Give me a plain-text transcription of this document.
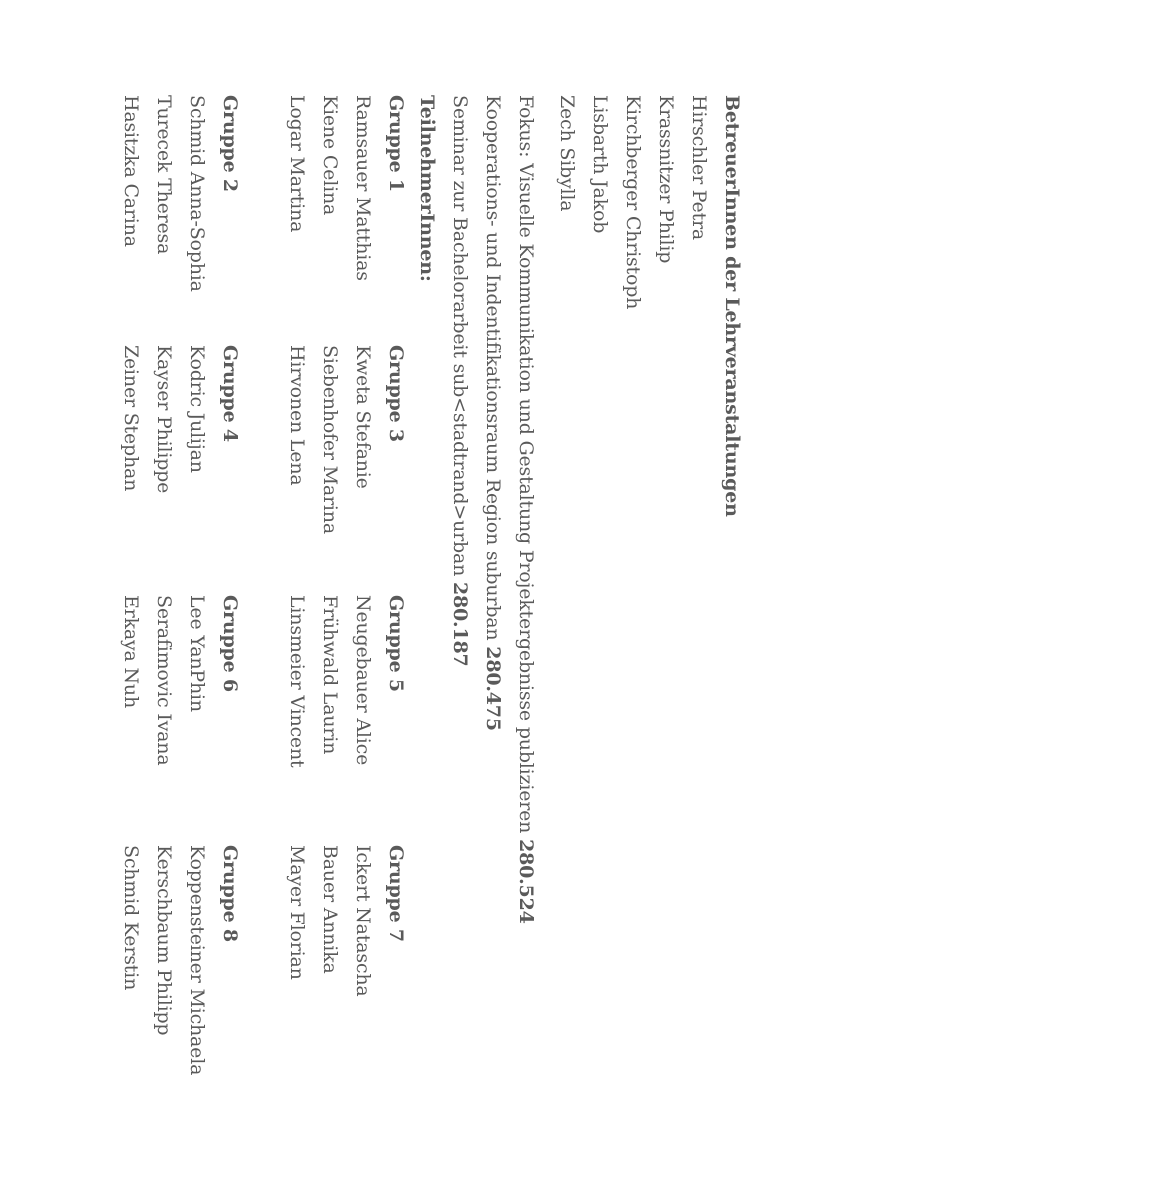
BetreuerInnen der Lehrveranstaltungen
Hirschler Petra
Krassnitzer Philip
Kirchberger Christoph
Lisbarth Jakob
Zech Sibylla
Fokus: Visuelle Kommunikation und Gestaltung Projektergebnisse publizieren 280.524
Kooperations- und Indentifikationsraum Region suburban 280.475
Seminar zur Bachelorarbeit sub<stadtrand>urban 280.187
TeilnehmerInnen:
Gruppe 1
Ramsauer Matthias
Kiene Celina
Logar Martina
Gruppe 3
Kweta Stefanie
Siebenhofer Marina
Hirvonen Lena
Gruppe 5
Neugebauer Alice
Frühwald Laurin
Linsmeier Vincent
Gruppe 7
Ickert Natascha
Bauer Annika
Mayer Florian
Gruppe 2
Schmid Anna-Sophia
Turecek Theresa
Hasitzka Carina
Gruppe 4
Kodric Julijan
Kayser Philippe
Zeiner Stephan
Gruppe 6
Lee YanPhin
Serafimovic Ivana
Erkaya Nuh
Gruppe 8
Koppensteiner Michaela
Kerschbaum Philipp
Schmid Kerstin
